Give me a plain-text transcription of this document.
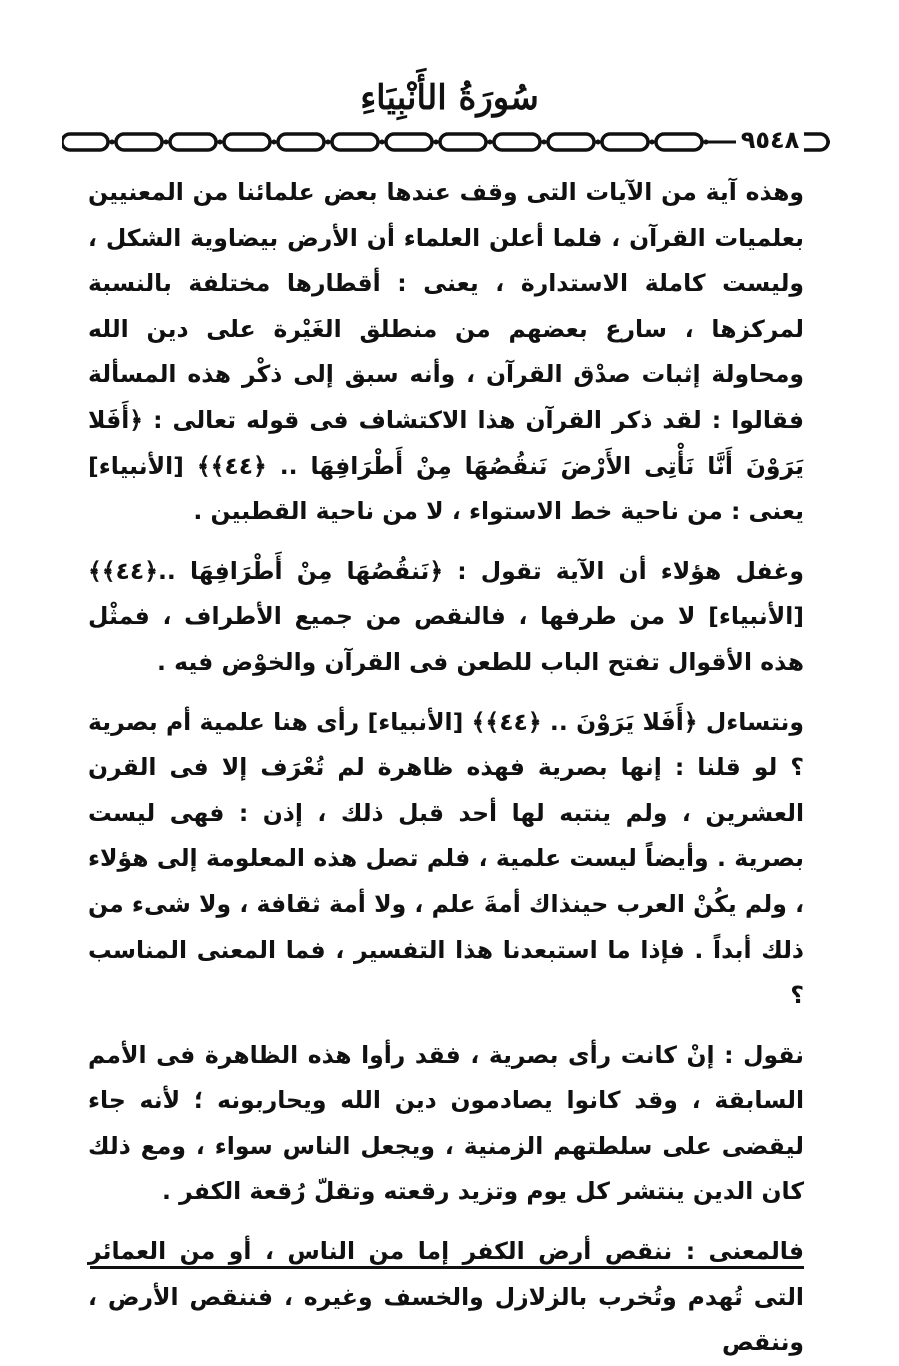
سُورَةُ الأَنْبِيَاءِ
٩٥٤٨

وهذه آية من الآيات التى وقف عندها بعض علمائنا من المعنيين بعلميات القرآن ، فلما أعلن العلماء أن الأرض بيضاوية الشكل ، وليست كاملة الاستدارة ، يعنى : أقطارها مختلفة بالنسبة لمركزها ، سارع بعضهم من منطلق الغَيْرة على دين الله ومحاولة إثبات صدْق القرآن ، وأنه سبق إلى ذكْر هذه المسألة فقالوا : لقد ذكر القرآن هذا الاكتشاف فى قوله تعالى : ﴿أَفَلا يَرَوْنَ أَنَّا نَأْتِى الأَرْضَ نَنقُصُهَا مِنْ أَطْرَافِهَا .. ﴿٤٤﴾﴾ [الأنبياء] يعنى : من ناحية خط الاستواء ، لا من ناحية القطبين .

وغفل هؤلاء أن الآية تقول : ﴿نَنقُصُهَا مِنْ أَطْرَافِهَا ..﴿٤٤﴾﴾ [الأنبياء] لا من طرفها ، فالنقص من جميع الأطراف ، فمثْل هذه الأقوال تفتح الباب للطعن فى القرآن والخوْض فيه .

ونتساءل ﴿أَفَلا يَرَوْنَ .. ﴿٤٤﴾﴾ [الأنبياء] رأى هنا علمية أم بصرية ؟ لو قلنا : إنها بصرية فهذه ظاهرة لم تُعْرَف إلا فى القرن العشرين ، ولم ينتبه لها أحد قبل ذلك ، إذن : فهى ليست بصرية . وأيضاً ليست علمية ، فلم تصل هذه المعلومة إلى هؤلاء ، ولم يكُنْ العرب حينذاك أمةَ علم ، ولا أمة ثقافة ، ولا شىء من ذلك أبداً . فإذا ما استبعدنا هذا التفسير ، فما المعنى المناسب ؟

نقول : إنْ كانت رأى بصرية ، فقد رأوا هذه الظاهرة فى الأمم السابقة ، وقد كانوا يصادمون دين الله ويحاربونه ؛ لأنه جاء ليقضى على سلطتهم الزمنية ، ويجعل الناس سواء ، ومع ذلك كان الدين ينتشر كل يوم وتزيد رقعته وتقلّ رُقعة الكفر .

فالمعنى : ننقص أرض الكفر إما من الناس ، أو من العمائر التى تُهدم وتُخرب بالزلازل والخسف وغيره ، فننقص الأرض ، وننقص
